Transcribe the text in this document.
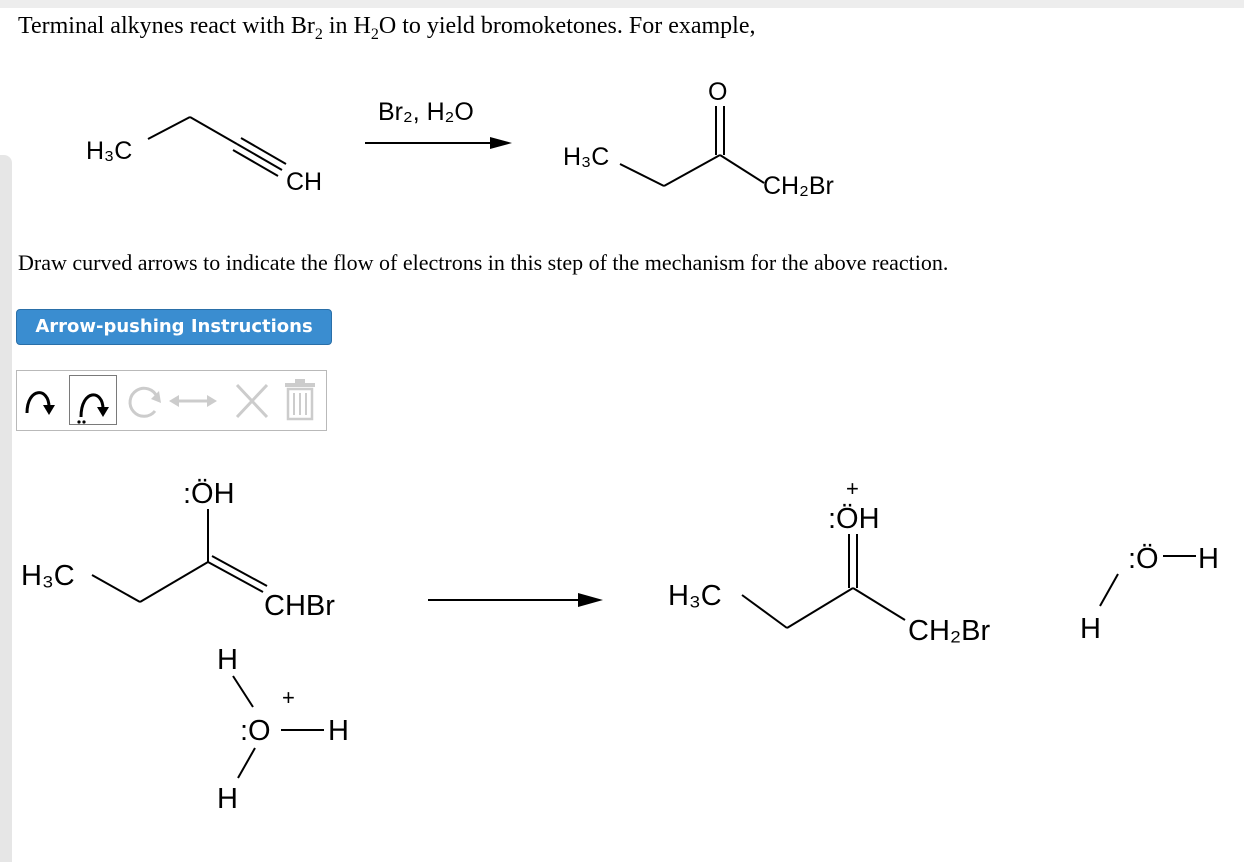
Terminal alkynes react with $Br_2$ in $H_2O$ to yield bromoketones. For example,
H₃C
CH
Br₂, H₂O
H₃C
O
CH₂Br
:ÖH
H₃C
CHBr
H
:O H
H
:ÖH
H₃C
CH₂Br
:Ö H
H
+
+
Draw curved arrows to indicate the flow of electrons in this step of the mechanism for the above reaction.
Arrow-pushing Instructions
